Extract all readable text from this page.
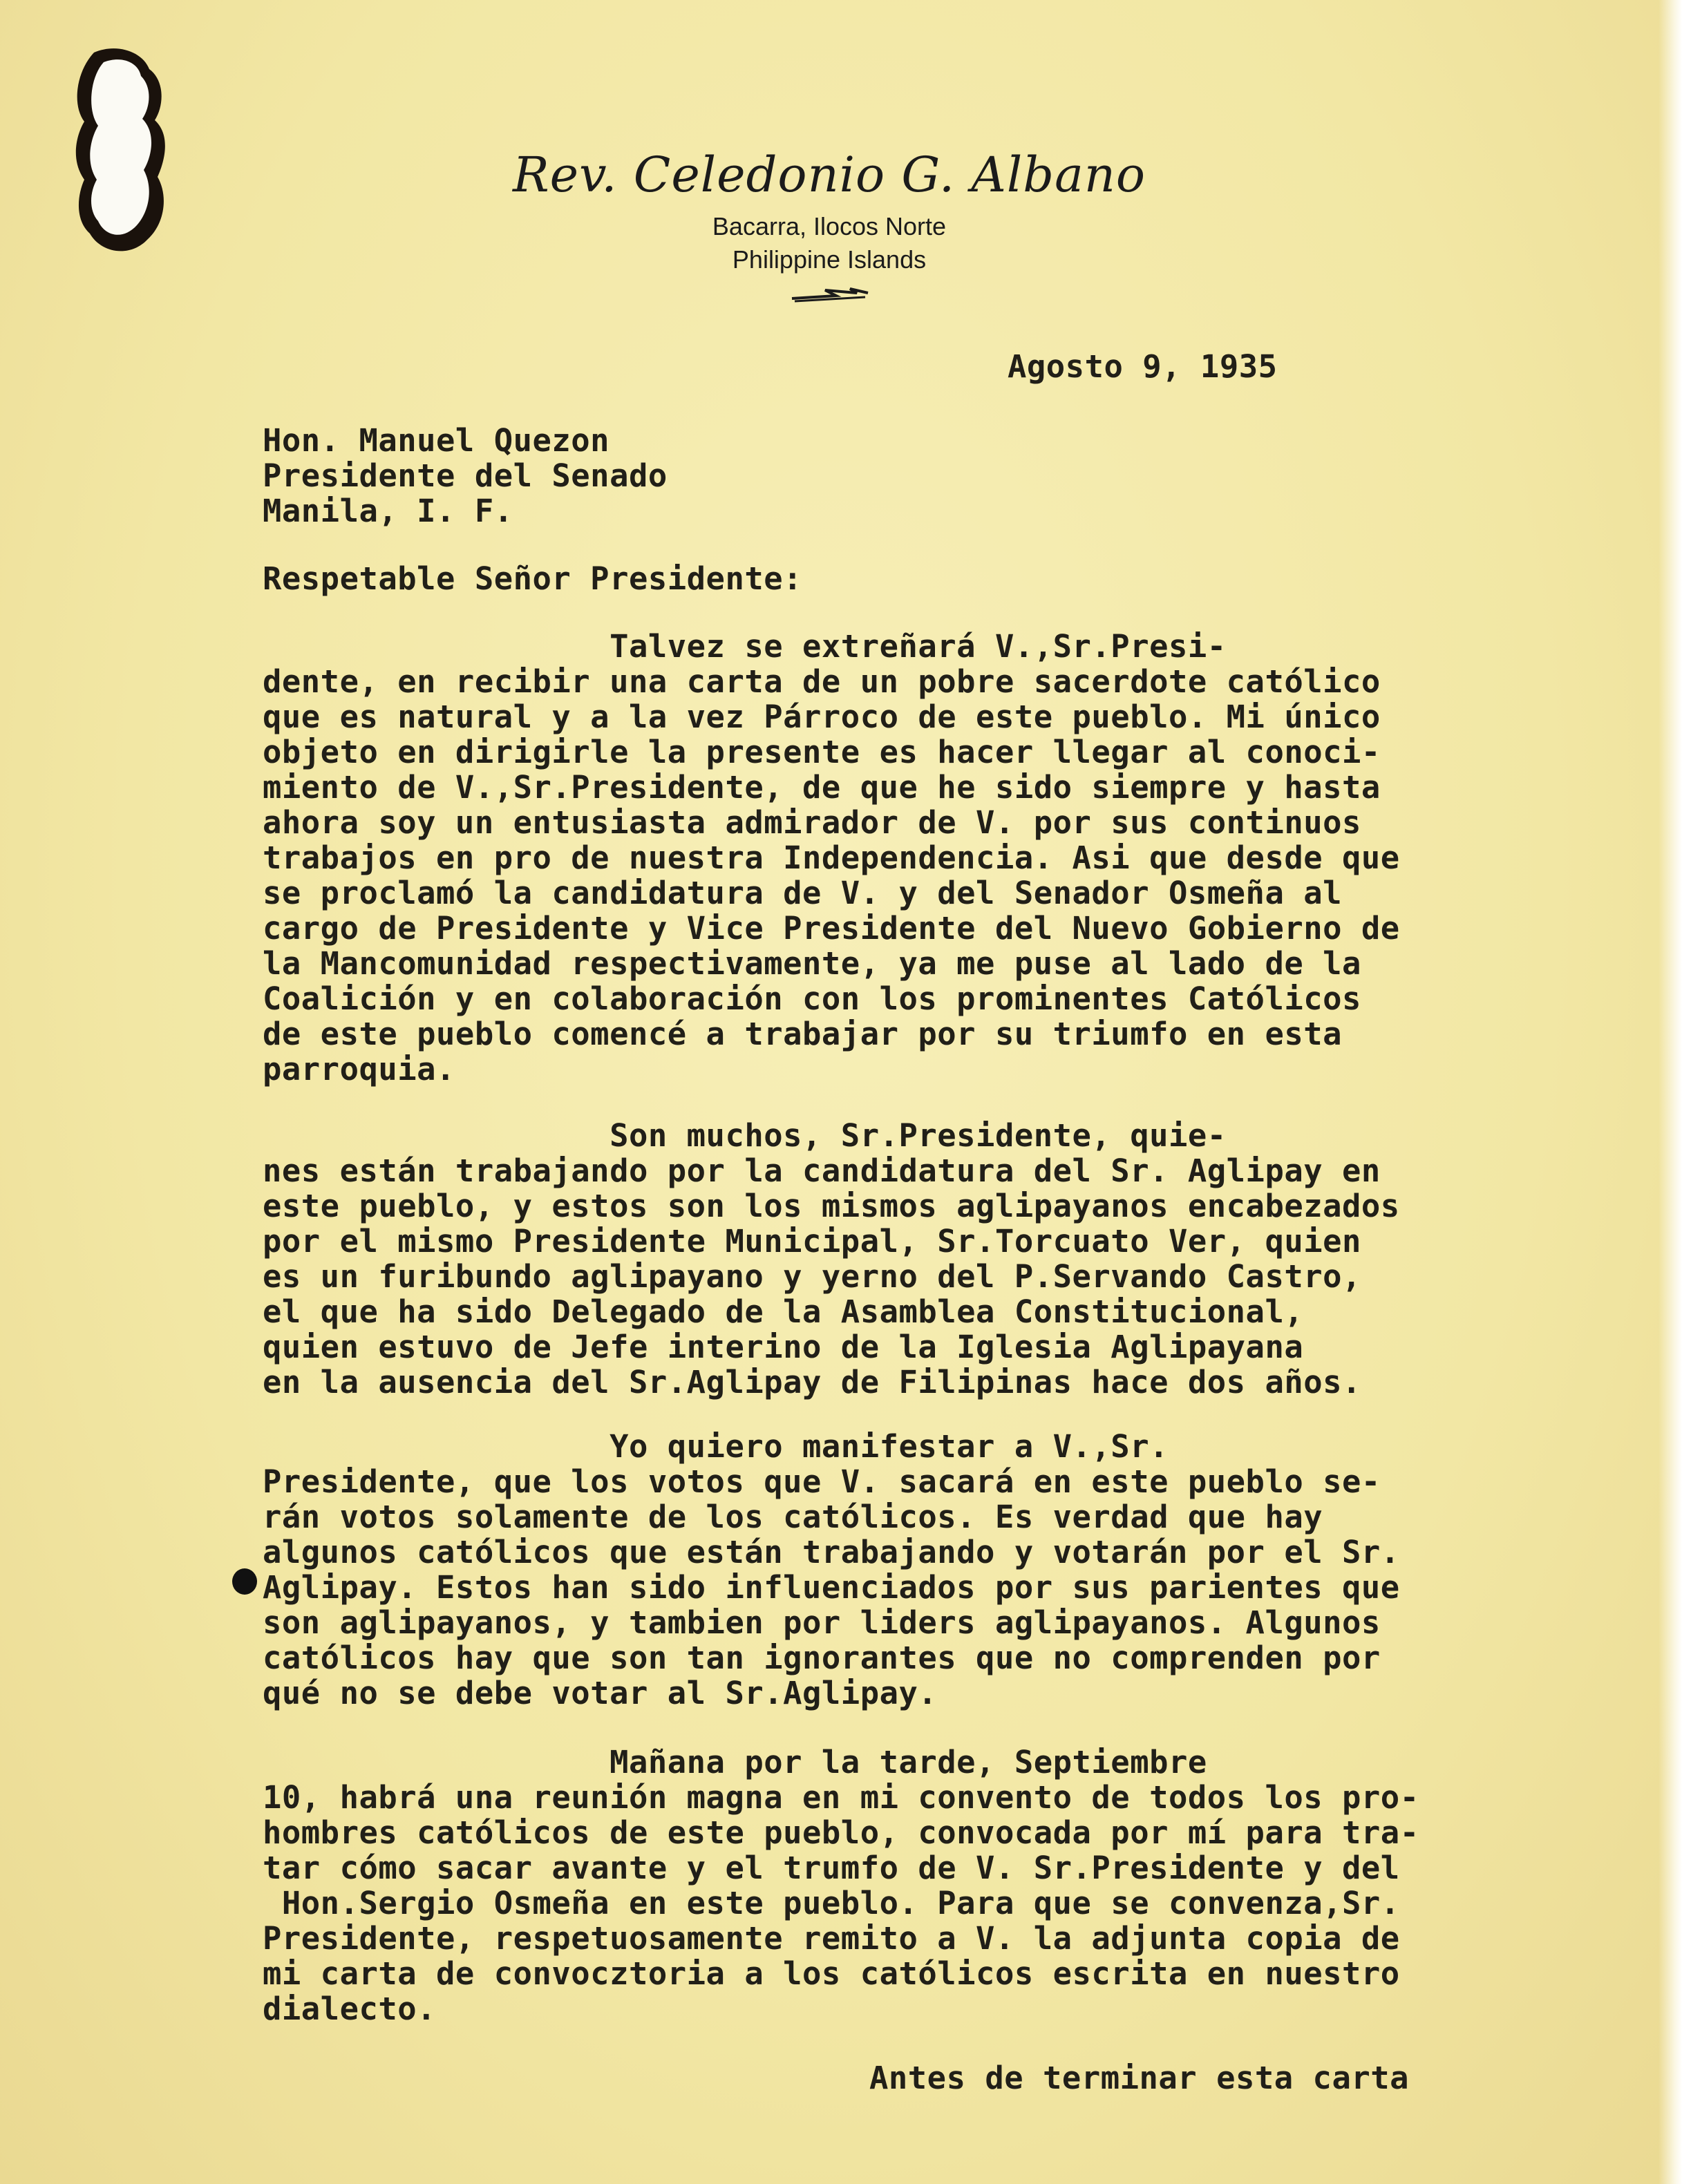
Rev. Celedonio G. Albano
Bacarra, Ilocos Norte
Philippine Islands
Agosto 9, 1935
Hon. Manuel Quezon
Presidente del Senado
Manila, I. F.
Respetable Señor Presidente:
Talvez se extreñará V.,Sr.Presi-
dente, en recibir una carta de un pobre sacerdote católico
que es natural y a la vez Párroco de este pueblo. Mi único
objeto en dirigirle la presente es hacer llegar al conoci-
miento de V.,Sr.Presidente, de que he sido siempre y hasta
ahora soy un entusiasta admirador de V. por sus continuos
trabajos en pro de nuestra Independencia. Asi que desde que
se proclamó la candidatura de V. y del Senador Osmeña al
cargo de Presidente y Vice Presidente del Nuevo Gobierno de
la Mancomunidad respectivamente, ya me puse al lado de la
Coalición y en colaboración con los prominentes Católicos
de este pueblo comencé a trabajar por su triumfo en esta
parroquia.
Son muchos, Sr.Presidente, quie-
nes están trabajando por la candidatura del Sr. Aglipay en
este pueblo, y estos son los mismos aglipayanos encabezados
por el mismo Presidente Municipal, Sr.Torcuato Ver, quien
es un furibundo aglipayano y yerno del P.Servando Castro,
el que ha sido Delegado de la Asamblea Constitucional,
quien estuvo de Jefe interino de la Iglesia Aglipayana
en la ausencia del Sr.Aglipay de Filipinas hace dos años.
Yo quiero manifestar a V.,Sr.
Presidente, que los votos que V. sacará en este pueblo se-
rán votos solamente de los católicos. Es verdad que hay
algunos católicos que están trabajando y votarán por el Sr.
Aglipay. Estos han sido influenciados por sus parientes que
son aglipayanos, y tambien por liders aglipayanos. Algunos
católicos hay que son tan ignorantes que no comprenden por
qué no se debe votar al Sr.Aglipay.
Mañana por la tarde, Septiembre
10, habrá una reunión magna en mi convento de todos los pro-
hombres católicos de este pueblo, convocada por mí para tra-
tar cómo sacar avante y el trumfo de V. Sr.Presidente y del
Hon.Sergio Osmeña en este pueblo. Para que se convenza,Sr.
Presidente, respetuosamente remito a V. la adjunta copia de
mi carta de convocztoria a los católicos escrita en nuestro
dialecto.
Antes de terminar esta carta
